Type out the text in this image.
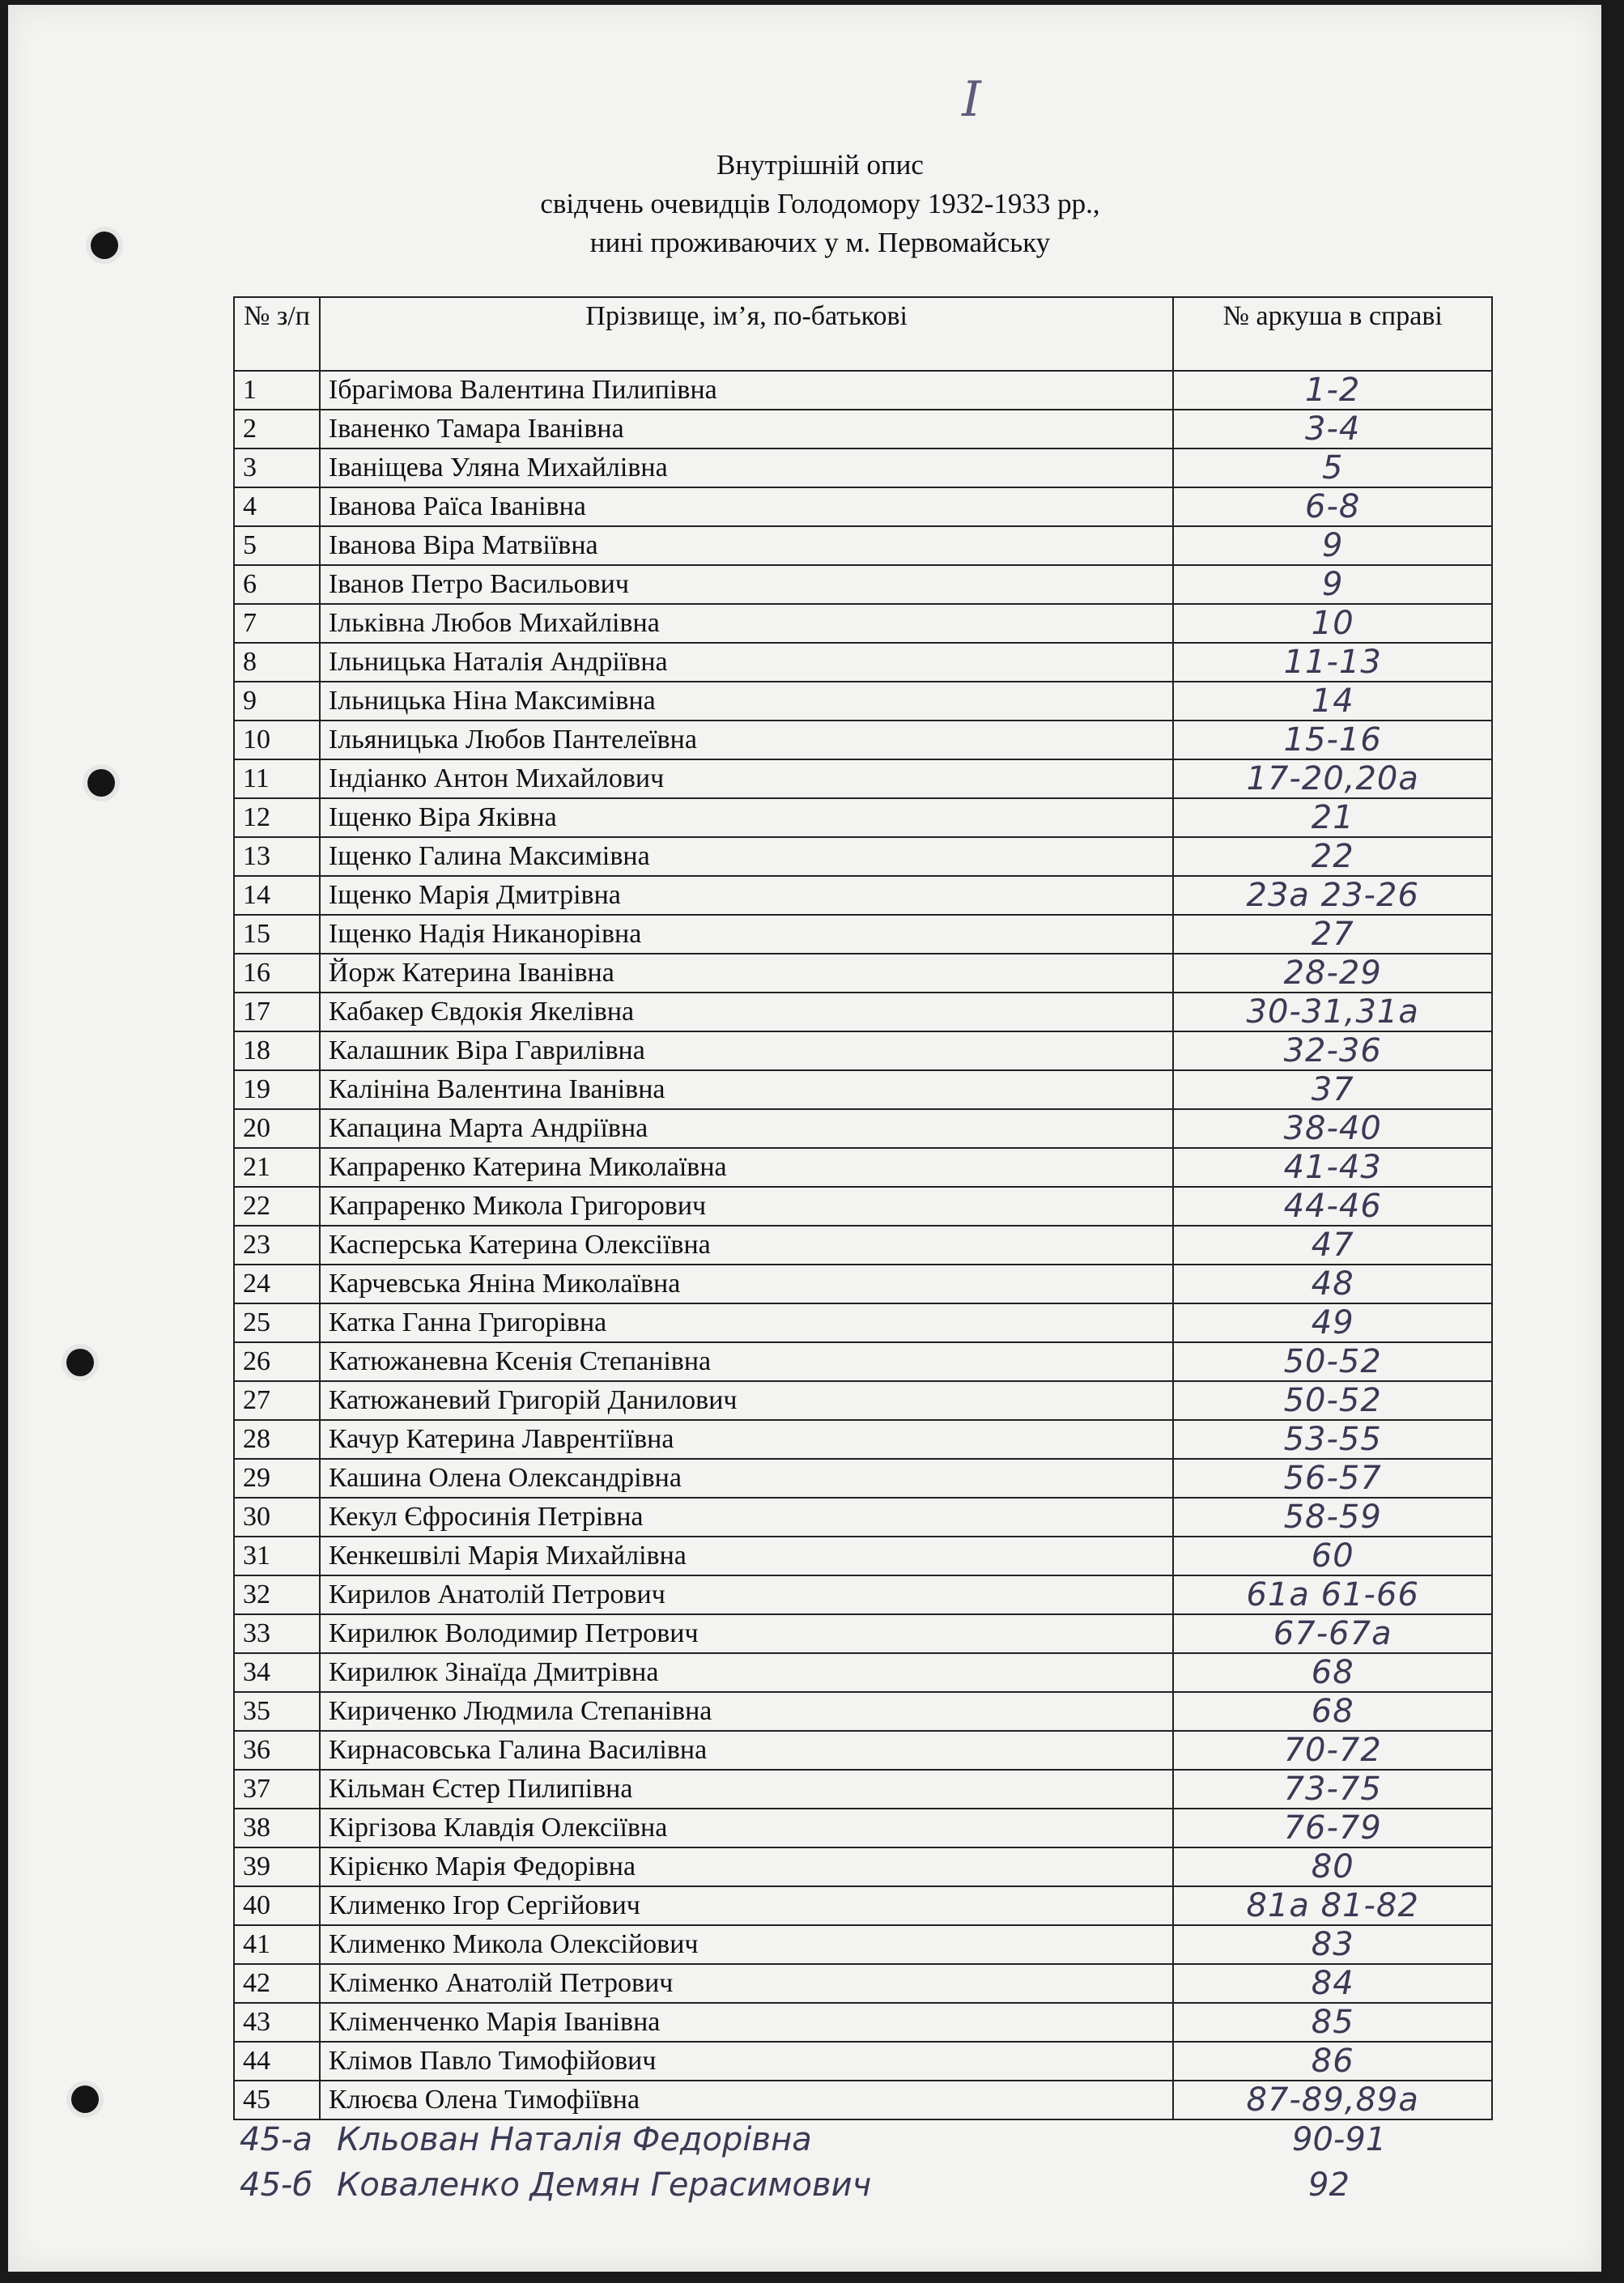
I
Внутрішній опис
свідчень очевидців Голодомору 1932-1933 рр.,
нині проживаючих у м. Первомайську
№ з/п	Прізвище, ім’я, по-батькові	№ аркуша в справі
1	Ібрагімова Валентина Пилипівна	1-2
2	Іваненко Тамара Іванівна	3-4
3	Іваніщева Уляна Михайлівна	5
4	Іванова Раїса Іванівна	6-8
5	Іванова Віра Матвіївна	9
6	Іванов Петро Васильович	9
7	Ільківна Любов Михайлівна	10
8	Ільницька Наталія Андріївна	11-13
9	Ільницька Ніна Максимівна	14
10	Ільяницька Любов Пантелеївна	15-16
11	Індіанко Антон Михайлович	17-20,20а
12	Іщенко Віра Яківна	21
13	Іщенко Галина Максимівна	22
14	Іщенко Марія Дмитрівна	23а 23-26
15	Іщенко Надія Никанорівна	27
16	Йорж Катерина Іванівна	28-29
17	Кабакер Євдокія Якелівна	30-31,31а
18	Калашник Віра Гаврилівна	32-36
19	Калініна Валентина Іванівна	37
20	Капацина Марта Андріївна	38-40
21	Капраренко Катерина Миколаївна	41-43
22	Капраренко Микола Григорович	44-46
23	Касперська Катерина Олексіївна	47
24	Карчевська Яніна Миколаївна	48
25	Катка Ганна Григорівна	49
26	Катюжаневна Ксенія Степанівна	50-52
27	Катюжаневий Григорій Данилович	50-52
28	Качур Катерина Лаврентіївна	53-55
29	Кашина Олена Олександрівна	56-57
30	Кекул Єфросинія Петрівна	58-59
31	Кенкешвілі Марія Михайлівна	60
32	Кирилов Анатолій Петрович	61а 61-66
33	Кирилюк Володимир Петрович	67-67а
34	Кирилюк Зінаїда Дмитрівна	68
35	Кириченко Людмила Степанівна	68
36	Кирнасовська Галина Василівна	70-72
37	Кільман Єстер Пилипівна	73-75
38	Кіргізова Клавдія Олексіївна	76-79
39	Кірієнко Марія Федорівна	80
40	Клименко Ігор Сергійович	81а 81-82
41	Клименко Микола Олексійович	83
42	Кліменко Анатолій Петрович	84
43	Кліменченко Марія Іванівна	85
44	Клімов Павло Тимофійович	86
45	Клюєва Олена Тимофіївна	87-89,89а
45-а Кльован Наталія Федорівна	90-91
45-б Коваленко Демян Герасимович	92
